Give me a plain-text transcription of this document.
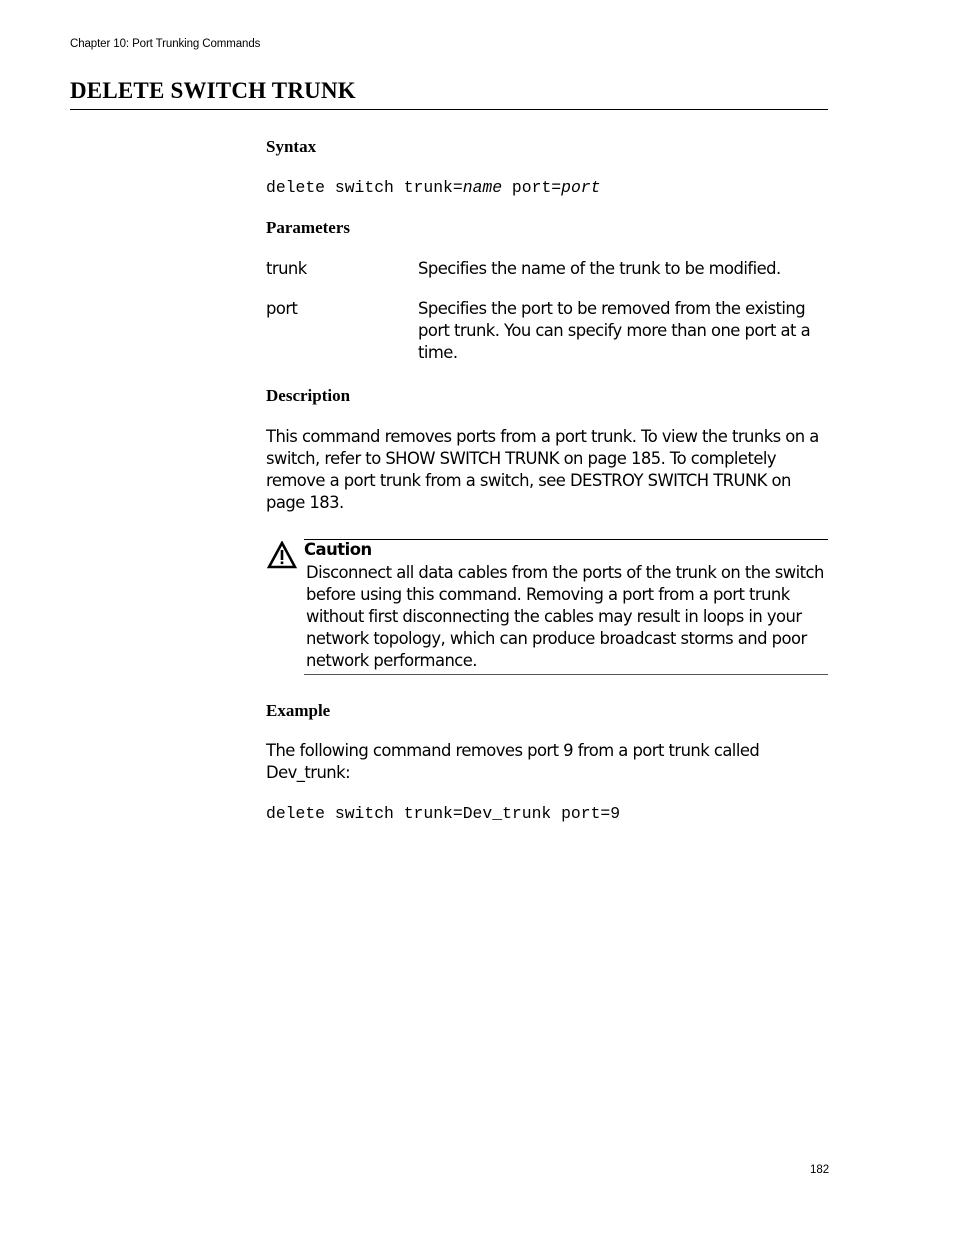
Chapter 10: Port Trunking Commands
DELETE SWITCH TRUNK
Syntax
delete switch trunk=name port=port
Parameters
trunk	Specifies the name of the trunk to be modified.
port	Specifies the port to be removed from the existing port trunk. You can specify more than one port at a time.
Description
This command removes ports from a port trunk. To view the trunks on a switch, refer to SHOW SWITCH TRUNK on page 185. To completely remove a port trunk from a switch, see DESTROY SWITCH TRUNK on page 183.
Caution
Disconnect all data cables from the ports of the trunk on the switch before using this command. Removing a port from a port trunk without first disconnecting the cables may result in loops in your network topology, which can produce broadcast storms and poor network performance.
Example
The following command removes port 9 from a port trunk called Dev_trunk:
delete switch trunk=Dev_trunk port=9
182
